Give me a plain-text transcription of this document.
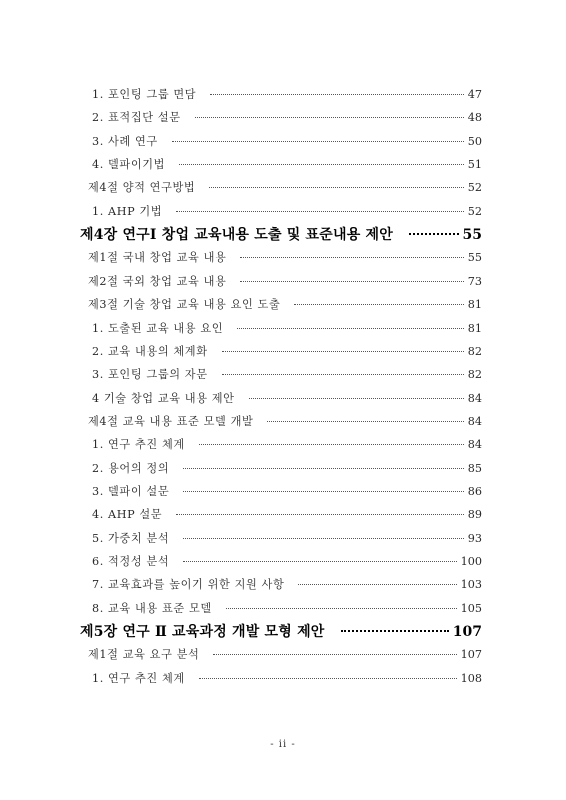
1. 포인팅 그룹 면담	47
2. 표적집단 설문	48
3. 사례 연구	50
4. 델파이기법	51
제4절 양적 연구방법	52
1. AHP 기법	52
제4장 연구Ⅰ 창업 교육내용 도출 및 표준내용 제안	55
제1절 국내 창업 교육 내용	55
제2절 국외 창업 교육 내용	73
제3절 기술 창업 교육 내용 요인 도출	81
1. 도출된 교육 내용 요인	81
2. 교육 내용의 체계화	82
3. 포인팅 그룹의 자문	82
4 기술 창업 교육 내용 제안	84
제4절 교육 내용 표준 모델 개발	84
1. 연구 추진 체계	84
2. 용어의 정의	85
3. 델파이 설문	86
4. AHP 설문	89
5. 가중치 분석	93
6. 적정성 분석	100
7. 교육효과를 높이기 위한 지원 사항	103
8. 교육 내용 표준 모델	105
제5장 연구 Ⅱ 교육과정 개발 모형 제안	107
제1절 교육 요구 분석	107
1. 연구 추진 체계	108
- ii -
